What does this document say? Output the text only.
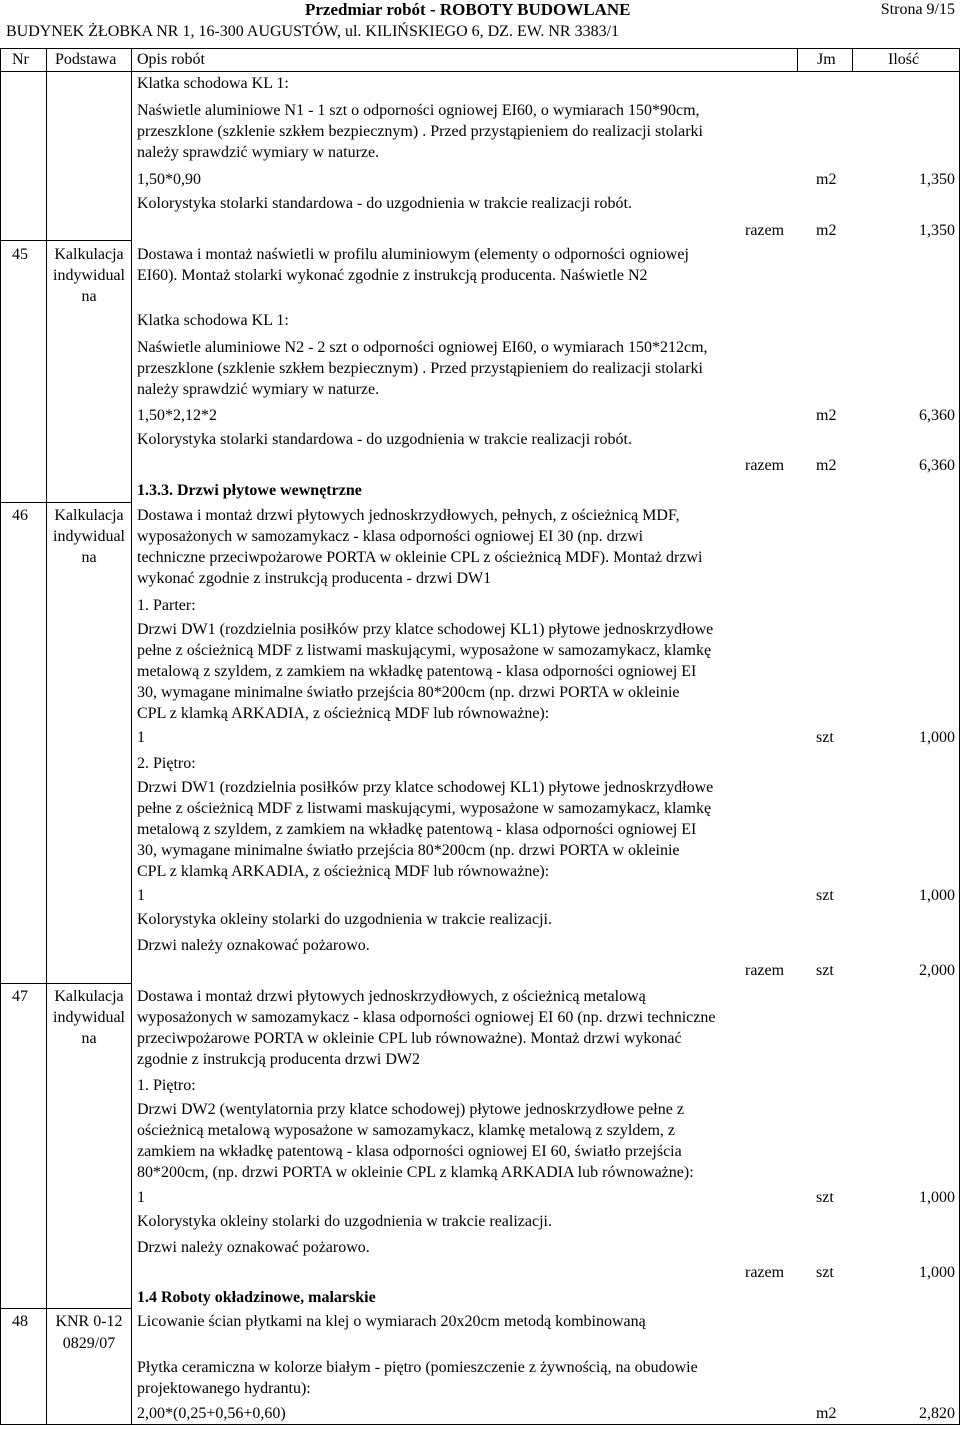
Przedmiar robót - ROBOTY BUDOWLANE	Strona 9/15
BUDYNEK ŻŁOBKA NR 1, 16-300 AUGUSTÓW, ul. KILIŃSKIEGO 6, DZ. EW. NR 3383/1
Nr Podstawa Opis robót	Jm	Ilość
Klatka schodowa KL 1:
Naświetle aluminiowe N1 - 1 szt o odporności ogniowej EI60, o wymiarach 150*90cm,
przeszklone (szklenie szkłem bezpiecznym) . Przed przystąpieniem do realizacji stolarki
należy sprawdzić wymiary w naturze.
1,50*0,90	m2	1,350
Kolorystyka stolarki standardowa - do uzgodnienia w trakcie realizacji robót.
razem m2	1,350
45	Kalkulacja
indywidual
na
Dostawa i montaż naświetli w profilu aluminiowym (elementy o odporności ogniowej
EI60). Montaż stolarki wykonać zgodnie z instrukcją producenta. Naświetle N2
Klatka schodowa KL 1:
Naświetle aluminiowe N2 - 2 szt o odporności ogniowej EI60, o wymiarach 150*212cm,
przeszklone (szklenie szkłem bezpiecznym) . Przed przystąpieniem do realizacji stolarki
należy sprawdzić wymiary w naturze.
1,50*2,12*2	m2	6,360
Kolorystyka stolarki standardowa - do uzgodnienia w trakcie realizacji robót.
razem m2	6,360
1.3.3. Drzwi płytowe wewnętrzne
46	Kalkulacja
indywidual
na
Dostawa i montaż drzwi płytowych jednoskrzydłowych, pełnych, z ościeżnicą MDF,
wyposażonych w samozamykacz - klasa odporności ogniowej EI 30 (np. drzwi
techniczne przeciwpożarowe PORTA w okleinie CPL z ościeżnicą MDF). Montaż drzwi
wykonać zgodnie z instrukcją producenta - drzwi DW1
1. Parter:
Drzwi DW1 (rozdzielnia posiłków przy klatce schodowej KL1) płytowe jednoskrzydłowe
pełne z ościeżnicą MDF z listwami maskującymi, wyposażone w samozamykacz, klamkę
metalową z szyldem, z zamkiem na wkładkę patentową - klasa odporności ogniowej EI
30, wymagane minimalne światło przejścia 80*200cm (np. drzwi PORTA w okleinie
CPL z klamką ARKADIA, z ościeżnicą MDF lub równoważne):
1	szt	1,000
2. Piętro:
Drzwi DW1 (rozdzielnia posiłków przy klatce schodowej KL1) płytowe jednoskrzydłowe
pełne z ościeżnicą MDF z listwami maskującymi, wyposażone w samozamykacz, klamkę
metalową z szyldem, z zamkiem na wkładkę patentową - klasa odporności ogniowej EI
30, wymagane minimalne światło przejścia 80*200cm (np. drzwi PORTA w okleinie
CPL z klamką ARKADIA, z ościeżnicą MDF lub równoważne):
1	szt	1,000
Kolorystyka okleiny stolarki do uzgodnienia w trakcie realizacji.
Drzwi należy oznakować pożarowo.
razem szt	2,000
47	Kalkulacja
indywidual
na
Dostawa i montaż drzwi płytowych jednoskrzydłowych, z ościeżnicą metalową
wyposażonych w samozamykacz - klasa odporności ogniowej EI 60 (np. drzwi techniczne
przeciwpożarowe PORTA w okleinie CPL lub równoważne). Montaż drzwi wykonać
zgodnie z instrukcją producenta drzwi DW2
1. Piętro:
Drzwi DW2 (wentylatornia przy klatce schodowej) płytowe jednoskrzydłowe pełne z
ościeżnicą metalową wyposażone w samozamykacz, klamkę metalową z szyldem, z
zamkiem na wkładkę patentową - klasa odporności ogniowej EI 60, światło przejścia
80*200cm, (np. drzwi PORTA w okleinie CPL z klamką ARKADIA lub równoważne):
1	szt	1,000
Kolorystyka okleiny stolarki do uzgodnienia w trakcie realizacji.
Drzwi należy oznakować pożarowo.
razem szt	1,000
1.4 Roboty okładzinowe, malarskie
48	KNR 0-12
0829/07
Licowanie ścian płytkami na klej o wymiarach 20x20cm metodą kombinowaną
Płytka ceramiczna w kolorze białym - piętro (pomieszczenie z żywnością, na obudowie
projektowanego hydrantu):
2,00*(0,25+0,56+0,60)	m2	2,820
